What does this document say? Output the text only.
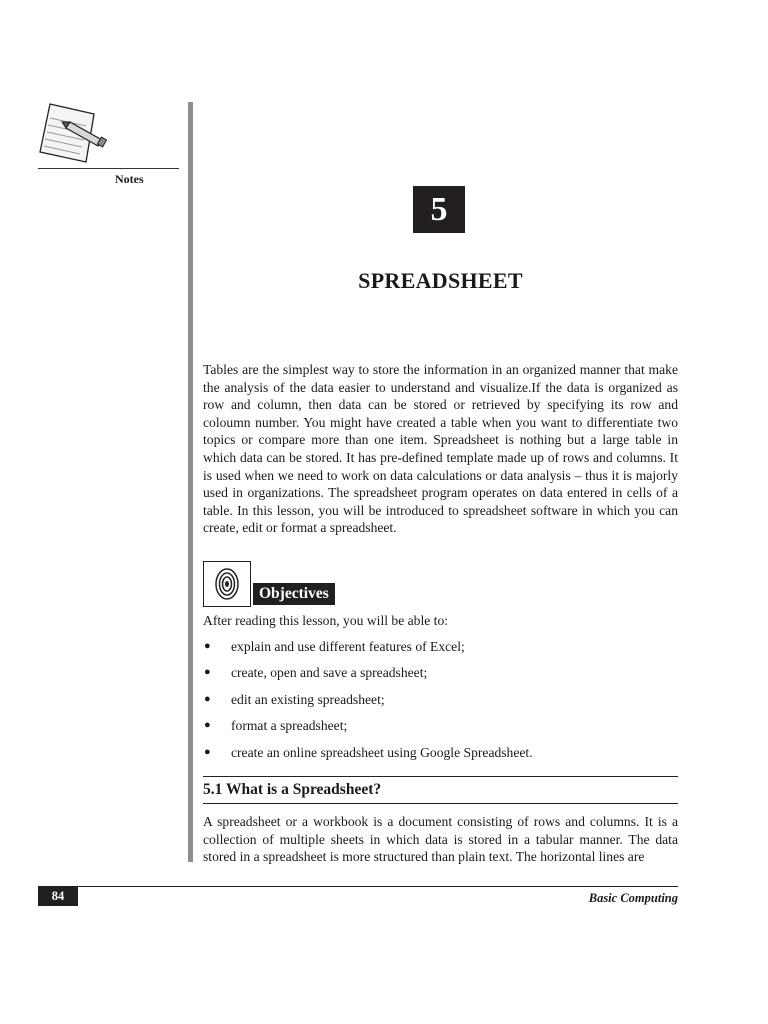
Notes
5
SPREADSHEET

Tables are the simplest way to store the information in an organized manner that make the analysis of the data easier to understand and visualize.If the data is organized as row and column, then data can be stored or retrieved by specifying its row and coloumn number. You might have created a table when you want to differentiate two topics or compare more than one item. Spreadsheet is nothing but a large table in which data can be stored. It has pre-defined template made up of rows and columns. It is used when we need to work on data calculations or data analysis – thus it is majorly used in organizations. The spreadsheet program operates on data entered in cells of a table. In this lesson, you will be introduced to spreadsheet software in which you can create, edit or format a spreadsheet.

Objectives
After reading this lesson, you will be able to:
● explain and use different features of Excel;
● create, open and save a spreadsheet;
● edit an existing spreadsheet;
● format a spreadsheet;
● create an online spreadsheet using Google Spreadsheet.
5.1 What is a Spreadsheet?

A spreadsheet or a workbook is a document consisting of rows and columns. It is a collection of multiple sheets in which data is stored in a tabular manner. The data stored in a spreadsheet is more structured than plain text. The horizontal lines are

84	Basic Computing
